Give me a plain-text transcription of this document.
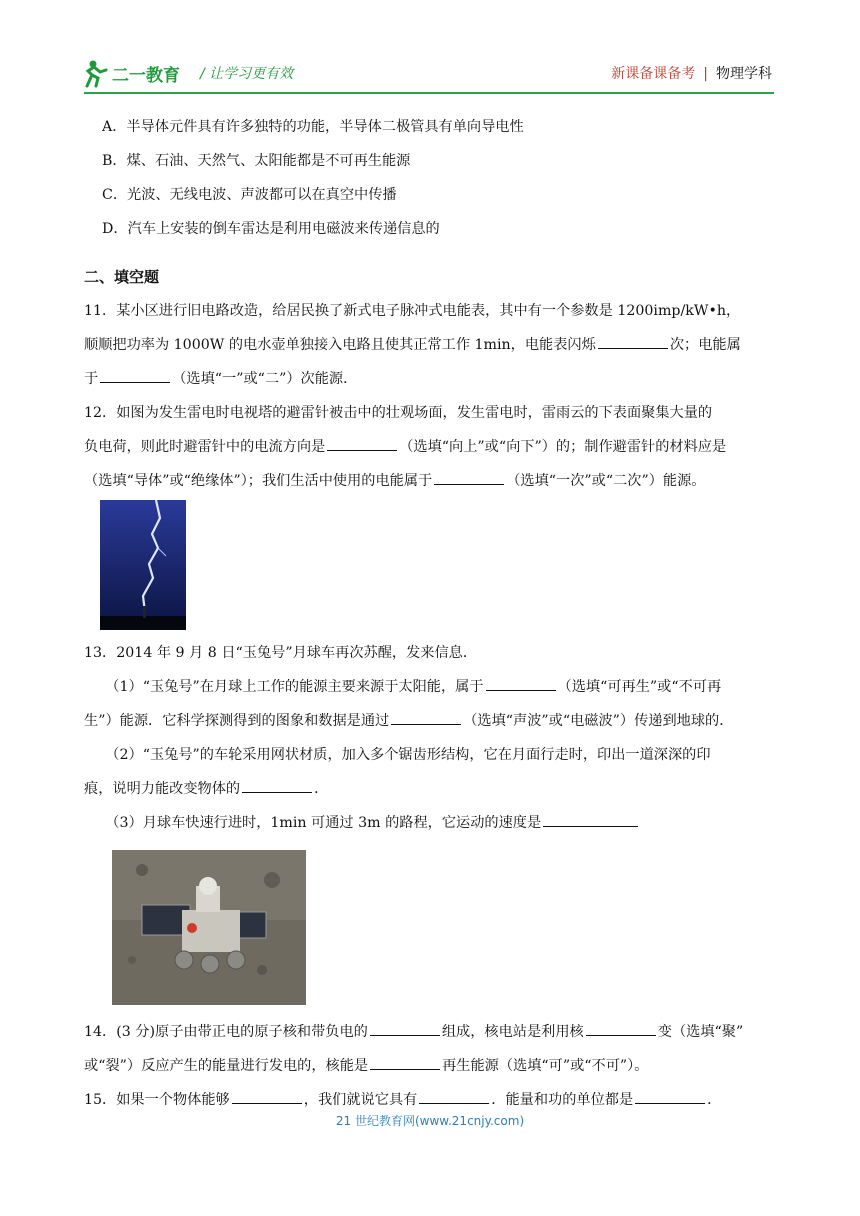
二一教育 / 让学习更有效	新课备课备考 | 物理学科

A．半导体元件具有许多独特的功能，半导体二极管具有单向导电性

B．煤、石油、天然气、太阳能都是不可再生能源

C．光波、无线电波、声波都可以在真空中传播

D．汽车上安装的倒车雷达是利用电磁波来传递信息的

二、填空题

11．某小区进行旧电路改造，给居民换了新式电子脉冲式电能表，其中有一个参数是 1200imp/kW•h，

顺顺把功率为 1000W 的电水壶单独接入电路且使其正常工作 1min，电能表闪烁	次；电能属

于	（选填“一”或“二”）次能源．

12．如图为发生雷电时电视塔的避雷针被击中的壮观场面，发生雷电时，雷雨云的下表面聚集大量的

负电荷，则此时避雷针中的电流方向是	（选填“向上”或“向下”）的；制作避雷针的材料应是

（选填“导体”或“绝缘体”）；我们生活中使用的电能属于	（选填“一次”或“二次”）能源。

13．2014 年 9 月 8 日“玉兔号”月球车再次苏醒，发来信息．

（1）“玉兔号”在月球上工作的能源主要来源于太阳能，属于	（选填“可再生”或“不可再

生”）能源．它科学探测得到的图象和数据是通过	（选填“声波”或“电磁波”）传递到地球的．

（2）“玉兔号”的车轮采用网状材质，加入多个锯齿形结构，它在月面行走时，印出一道深深的印

痕，说明力能改变物体的	．

（3）月球车快速行进时，1min 可通过 3m 的路程，它运动的速度是

14．(3 分)原子由带正电的原子核和带负电的	组成，核电站是利用核	变（选填“聚”

或“裂”）反应产生的能量进行发电的，核能是	再生能源（选填“可”或“不可”）。

15．如果一个物体能够	，我们就说它具有	．能量和功的单位都是	．

21 世纪教育网(www.21cnjy.com)
